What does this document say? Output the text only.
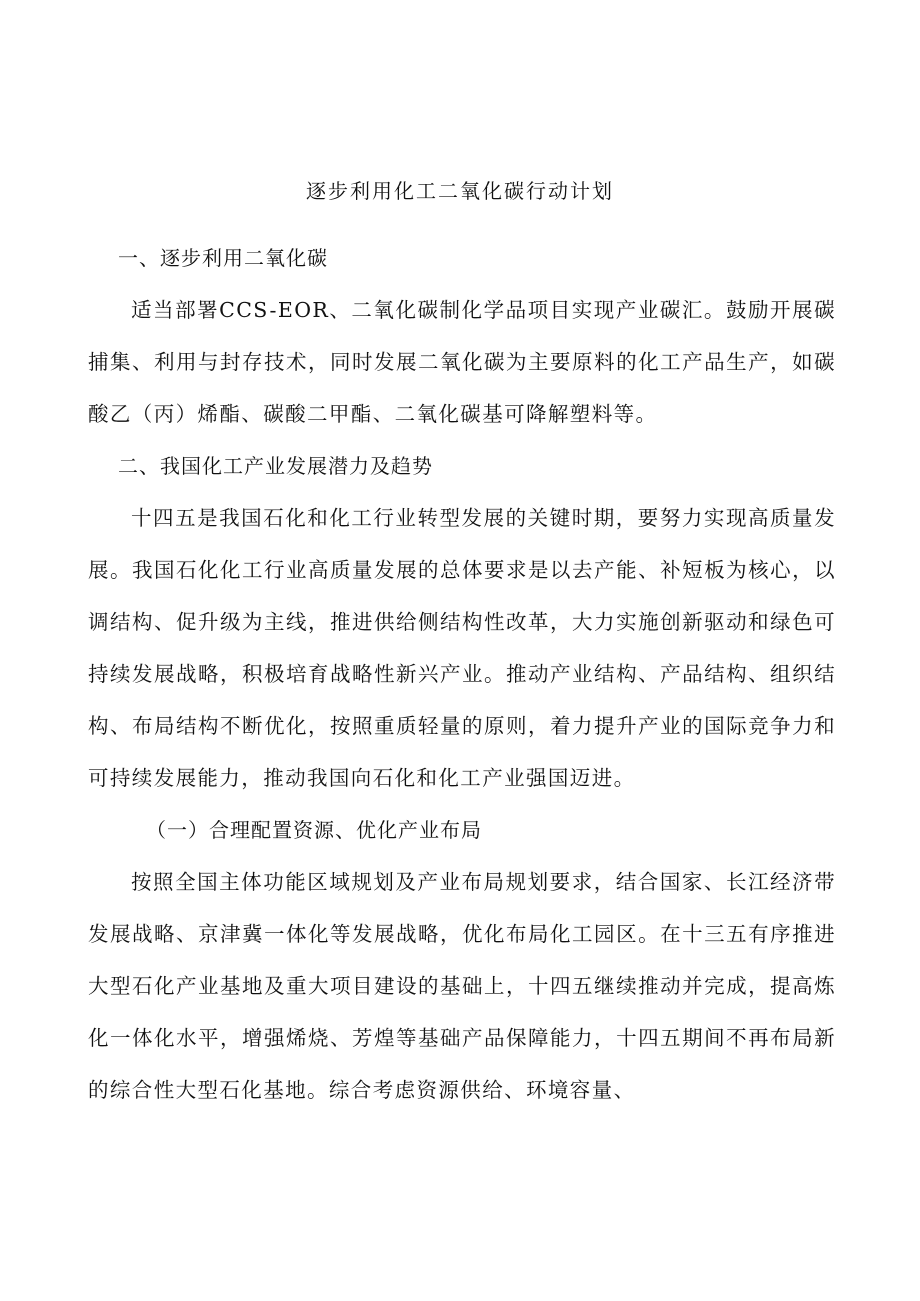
逐步利用化工二氧化碳行动计划

一、逐步利用二氧化碳

适当部署CCS-EOR、二氧化碳制化学品项目实现产业碳汇。鼓励开展碳捕集、利用与封存技术，同时发展二氧化碳为主要原料的化工产品生产，如碳酸乙（丙）烯酯、碳酸二甲酯、二氧化碳基可降解塑料等。

二、我国化工产业发展潜力及趋势

十四五是我国石化和化工行业转型发展的关键时期，要努力实现高质量发展。我国石化化工行业高质量发展的总体要求是以去产能、补短板为核心，以调结构、促升级为主线，推进供给侧结构性改革，大力实施创新驱动和绿色可持续发展战略，积极培育战略性新兴产业。推动产业结构、产品结构、组织结构、布局结构不断优化，按照重质轻量的原则，着力提升产业的国际竞争力和可持续发展能力，推动我国向石化和化工产业强国迈进。

（一）合理配置资源、优化产业布局

按照全国主体功能区域规划及产业布局规划要求，结合国家、长江经济带发展战略、京津冀一体化等发展战略，优化布局化工园区。在十三五有序推进大型石化产业基地及重大项目建设的基础上，十四五继续推动并完成，提高炼化一体化水平，增强烯烧、芳煌等基础产品保障能力，十四五期间不再布局新的综合性大型石化基地。综合考虑资源供给、环境容量、
